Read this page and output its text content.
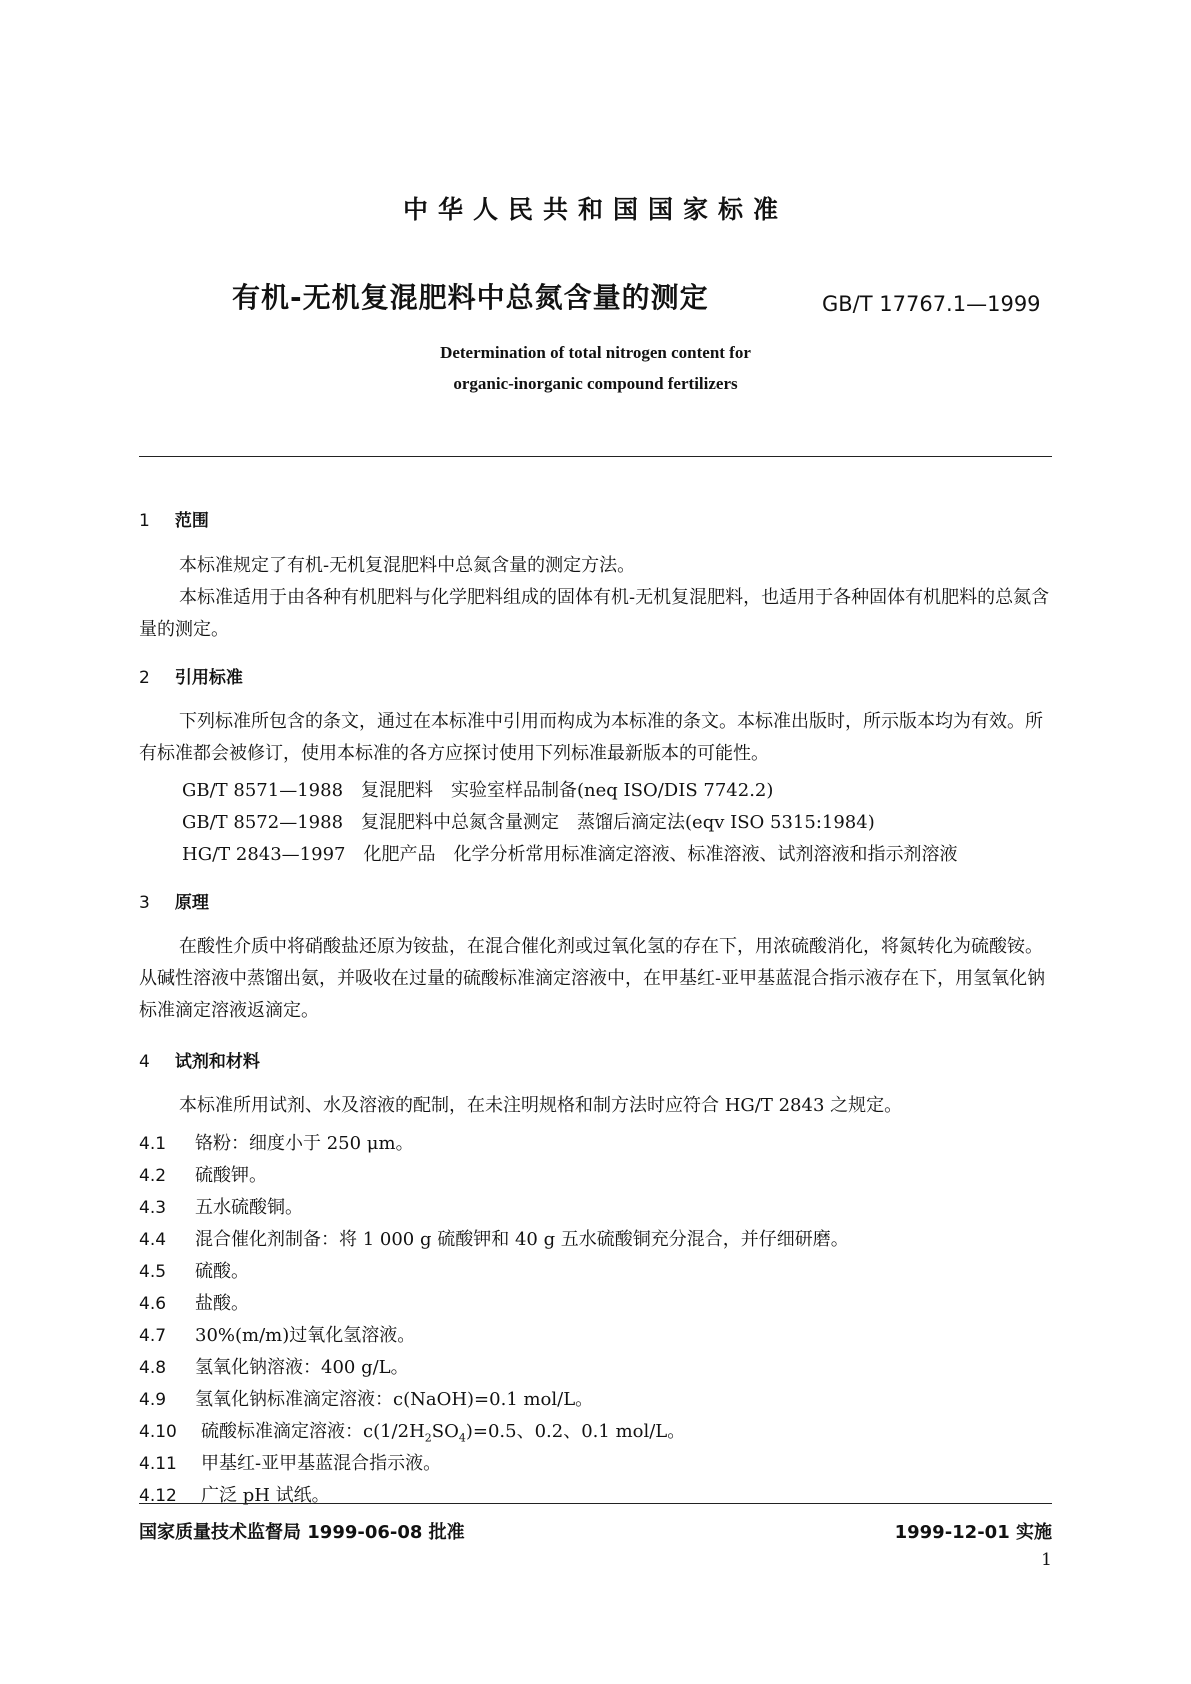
中华人民共和国国家标准
有机-无机复混肥料中总氮含量的测定	GB/T 17767.1—1999
Determination of total nitrogen content for
organic-inorganic compound fertilizers
1 范围
本标准规定了有机-无机复混肥料中总氮含量的测定方法。
本标准适用于由各种有机肥料与化学肥料组成的固体有机-无机复混肥料，也适用于各种固体有机肥料的总氮含量的测定。
2 引用标准
下列标准所包含的条文，通过在本标准中引用而构成为本标准的条文。本标准出版时，所示版本均为有效。所有标准都会被修订，使用本标准的各方应探讨使用下列标准最新版本的可能性。
GB/T 8571—1988　复混肥料　实验室样品制备(neq ISO/DIS 7742.2)
GB/T 8572—1988　复混肥料中总氮含量测定　蒸馏后滴定法(eqv ISO 5315:1984)
HG/T 2843—1997　化肥产品　化学分析常用标准滴定溶液、标准溶液、试剂溶液和指示剂溶液
3 原理
在酸性介质中将硝酸盐还原为铵盐，在混合催化剂或过氧化氢的存在下，用浓硫酸消化，将氮转化为硫酸铵。从碱性溶液中蒸馏出氨，并吸收在过量的硫酸标准滴定溶液中，在甲基红-亚甲基蓝混合指示液存在下，用氢氧化钠标准滴定溶液返滴定。
4 试剂和材料
本标准所用试剂、水及溶液的配制，在未注明规格和制方法时应符合 HG/T 2843 之规定。
4.1 铬粉：细度小于 250 μm。
4.2 硫酸钾。
4.3 五水硫酸铜。
4.4 混合催化剂制备：将 1 000 g 硫酸钾和 40 g 五水硫酸铜充分混合，并仔细研磨。
4.5 硫酸。
4.6 盐酸。
4.7 30%(m/m)过氧化氢溶液。
4.8 氢氧化钠溶液：400 g/L。
4.9 氢氧化钠标准滴定溶液：c(NaOH)=0.1 mol/L。
4.10 硫酸标准滴定溶液：$c(1/2H_2SO_4)=0.5$、0.2、0.1 mol/L。
4.11 甲基红-亚甲基蓝混合指示液。
4.12 广泛 pH 试纸。
国家质量技术监督局 1999-06-08 批准	1999-12-01 实施
1
